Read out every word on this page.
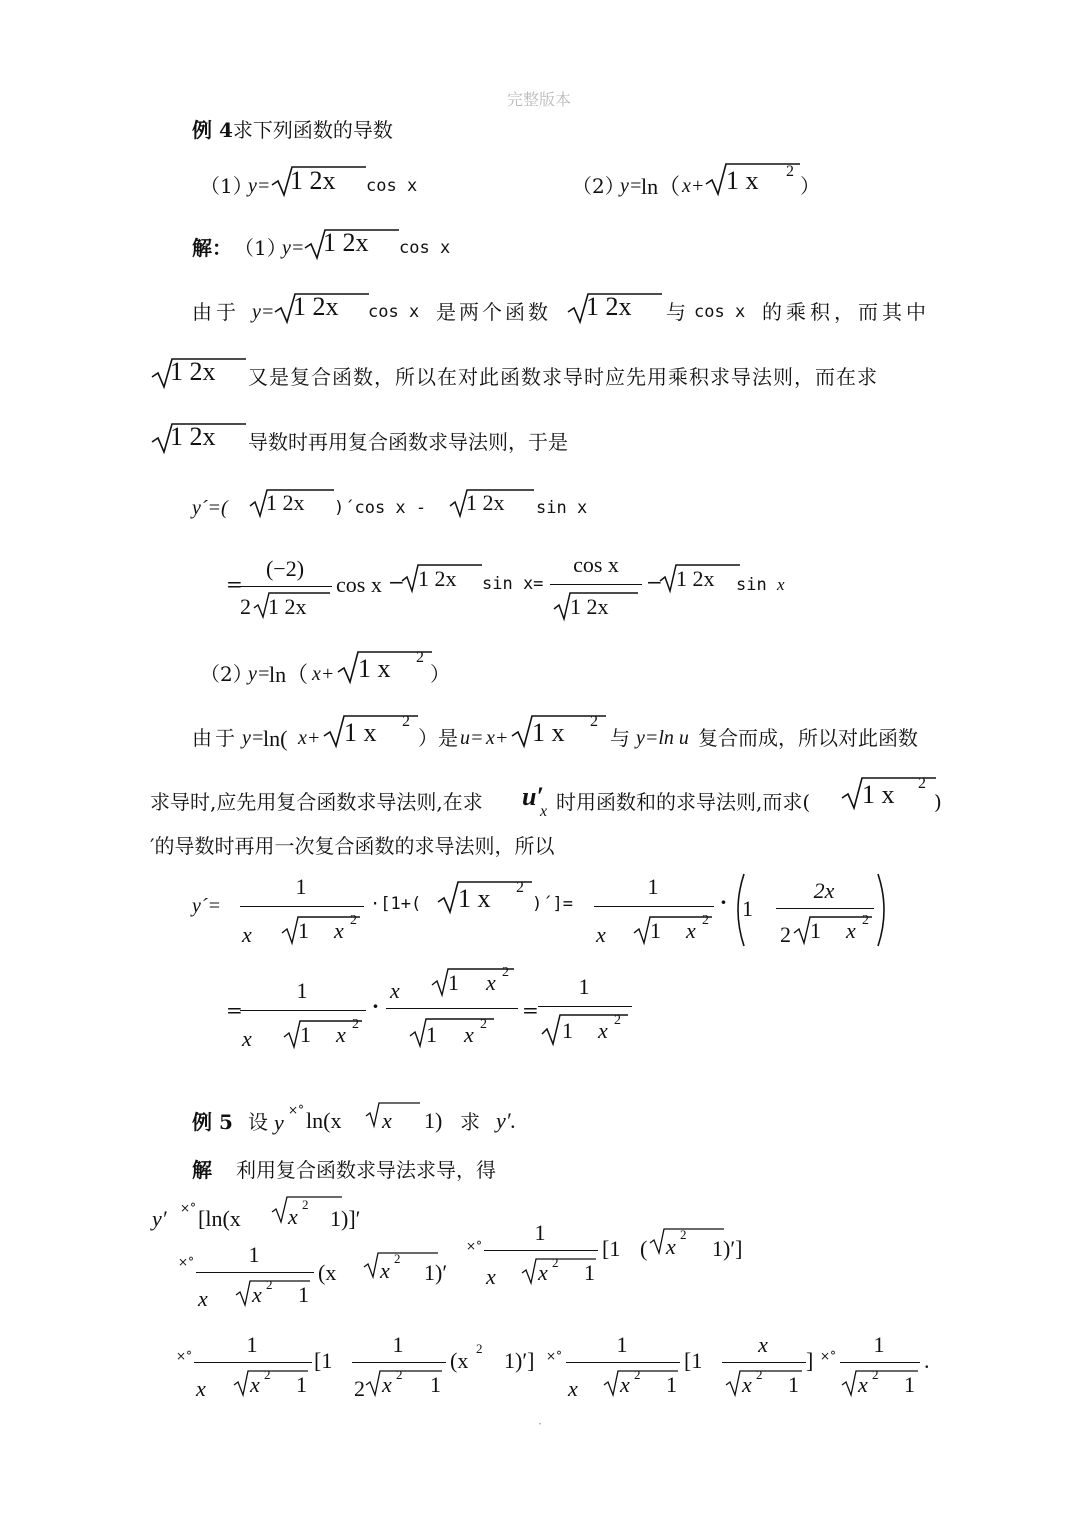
完整版本
例 4求下列函数的导数
（1）
y= 1 2x cos x	（2）
y=
ln（ x+ 1 x 2
）
解： （1）
y= 1 2x cos x
由于 y= 1 2x cos x 是两个函数 1 2x 与 cos x 的乘积，而其中
1 2x 又是复合函数，所以在对此函数求导时应先用乘积求导法则，而在求
1 2x 导数时再用复合函数求导法则，于是
y´=( 1 2x )´cos x - 1 2x sin x
=
(−2)
2 1 2x
cos x − 1 2x sin x=
cos x
1 2x
− 1 2x sin x
（2）
y=
ln（ x+ 1 x 2
）
由于 y=
ln( x+ 1 x 2
）是 u= x+ 1 x 2
与 y=ln u 复合而成，所以对此函数
求导时,应先用复合函数求导法则,在求 u′
x 时用函数和的求导法则,而求( 1 x 2
)
′的导数时再用一次复合函数的求导法则，所以
y´=
1
x 1 x 2
·[1+( 1 x 2
)´]=
1
x 1 x 2
· 1
2x
2 1 x 2
=
1
x 1 x 2
·
x 1 x 2
1 x 2
=
1
1 x 2
例 5 设 y ×° ln(x x 1) 求 y′.
解 利用复合函数求导法求导，得
y′ ×° [ln(x x 2
1)]′
×°	1
x x 2 1
(x x 2
1)′
×°
1
x x 2 1
[1 ( x 2
1)′]
×°	1
x x 2 1
[1
1
2 x 2 1
(x 2 1)′] ×°	1
x x 2 1
[1
x
x 2 1
] ×°	1
x 2 1
.
·
